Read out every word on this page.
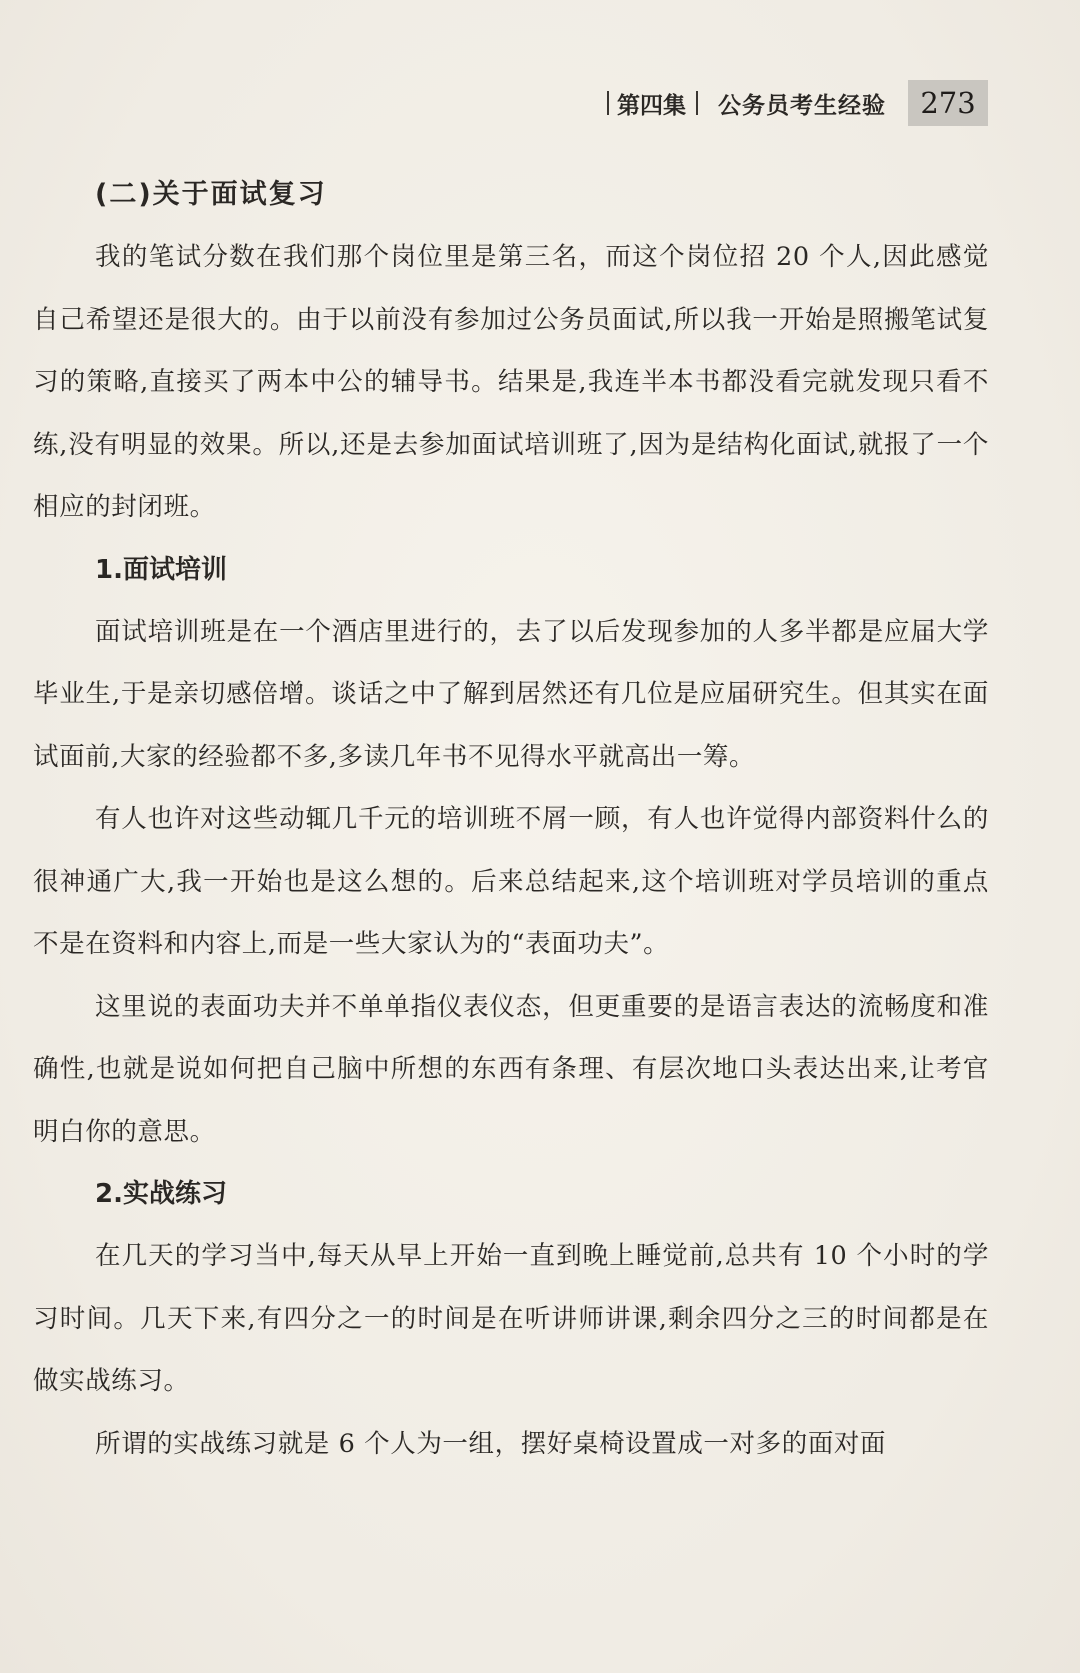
第四集 公务员考生经验	273
(二)关于面试复习

我的笔试分数在我们那个岗位里是第三名，而这个岗位招 20 个人,因此感觉自己希望还是很大的。由于以前没有参加过公务员面试,所以我一开始是照搬笔试复习的策略,直接买了两本中公的辅导书。结果是,我连半本书都没看完就发现只看不练,没有明显的效果。所以,还是去参加面试培训班了,因为是结构化面试,就报了一个相应的封闭班。

1.面试培训

面试培训班是在一个酒店里进行的，去了以后发现参加的人多半都是应届大学毕业生,于是亲切感倍增。谈话之中了解到居然还有几位是应届研究生。但其实在面试面前,大家的经验都不多,多读几年书不见得水平就高出一筹。

有人也许对这些动辄几千元的培训班不屑一顾，有人也许觉得内部资料什么的很神通广大,我一开始也是这么想的。后来总结起来,这个培训班对学员培训的重点不是在资料和内容上,而是一些大家认为的“表面功夫”。

这里说的表面功夫并不单单指仪表仪态，但更重要的是语言表达的流畅度和准确性,也就是说如何把自己脑中所想的东西有条理、有层次地口头表达出来,让考官明白你的意思。

2.实战练习

在几天的学习当中,每天从早上开始一直到晚上睡觉前,总共有 10 个小时的学习时间。几天下来,有四分之一的时间是在听讲师讲课,剩余四分之三的时间都是在做实战练习。

所谓的实战练习就是 6 个人为一组，摆好桌椅设置成一对多的面对面
